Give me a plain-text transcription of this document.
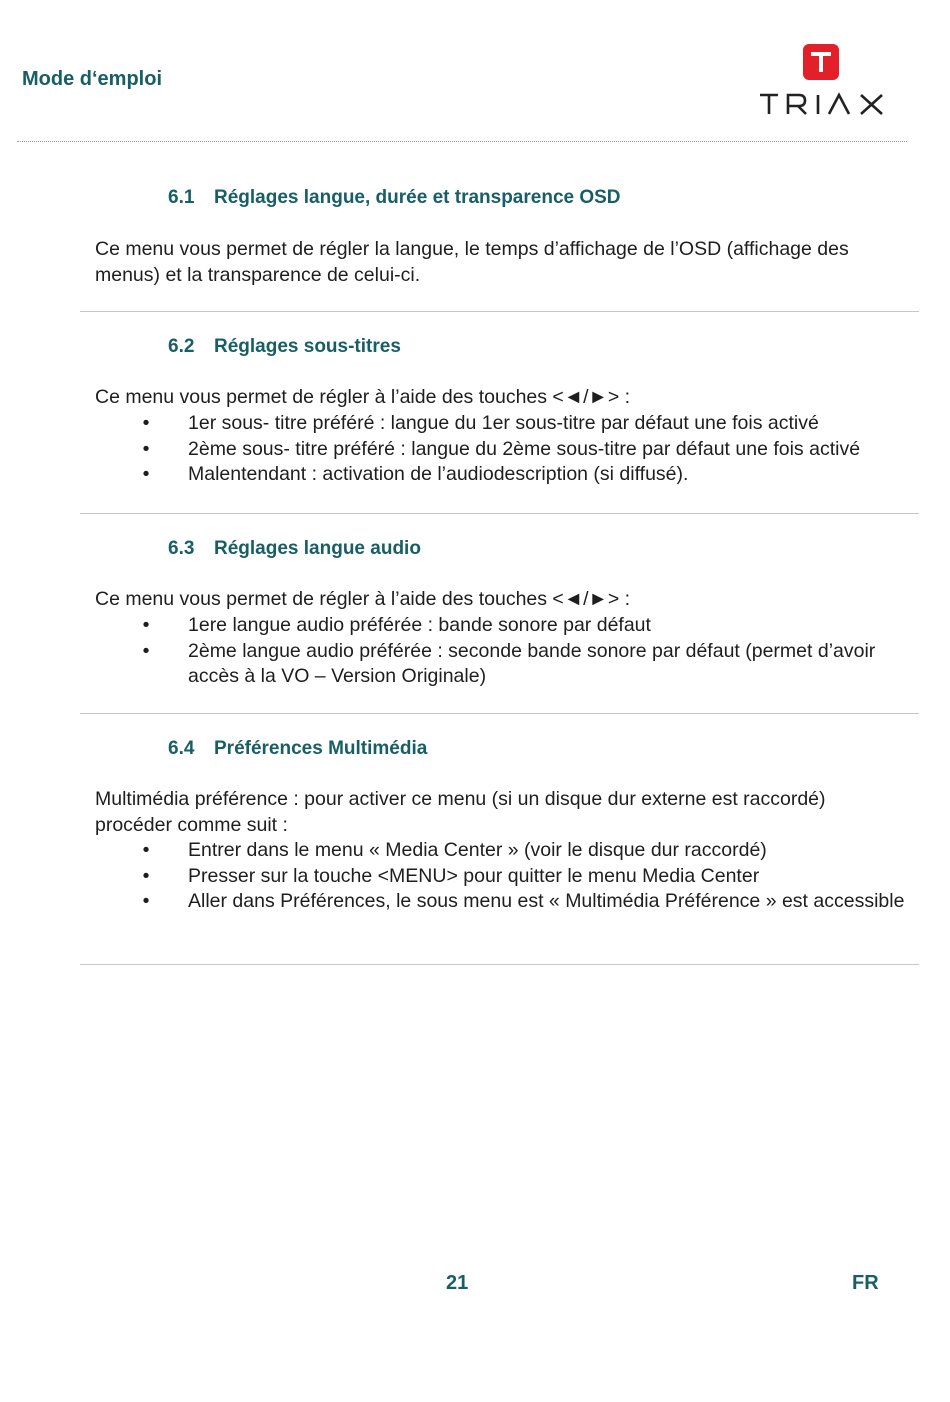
Mode d‘emploi
6.1 Réglages langue, durée et transparence OSD

Ce menu vous permet de régler la langue, le temps d’affichage de l’OSD (affichage des menus) et la transparence de celui-ci.

6.2 Réglages sous-titres

Ce menu vous permet de régler à l’aide des touches <◄/►> :

• 1er sous- titre préféré : langue du 1er sous-titre par défaut une fois activé
• 2ème sous- titre préféré : langue du 2ème sous-titre par défaut une fois activé
• Malentendant : activation de l’audiodescription (si diffusé).
6.3 Réglages langue audio

Ce menu vous permet de régler à l’aide des touches <◄/►> :

• 1ere langue audio préférée : bande sonore par défaut
• 2ème langue audio préférée : seconde bande sonore par défaut (permet d’avoir accès à la VO – Version Originale)
6.4 Préférences Multimédia

Multimédia préférence : pour activer ce menu (si un disque dur externe est raccordé) procéder comme suit :

• Entrer dans le menu « Media Center » (voir le disque dur raccordé)
• Presser sur la touche <MENU> pour quitter le menu Media Center
• Aller dans Préférences, le sous menu est « Multimédia Préférence » est accessible
21	FR
